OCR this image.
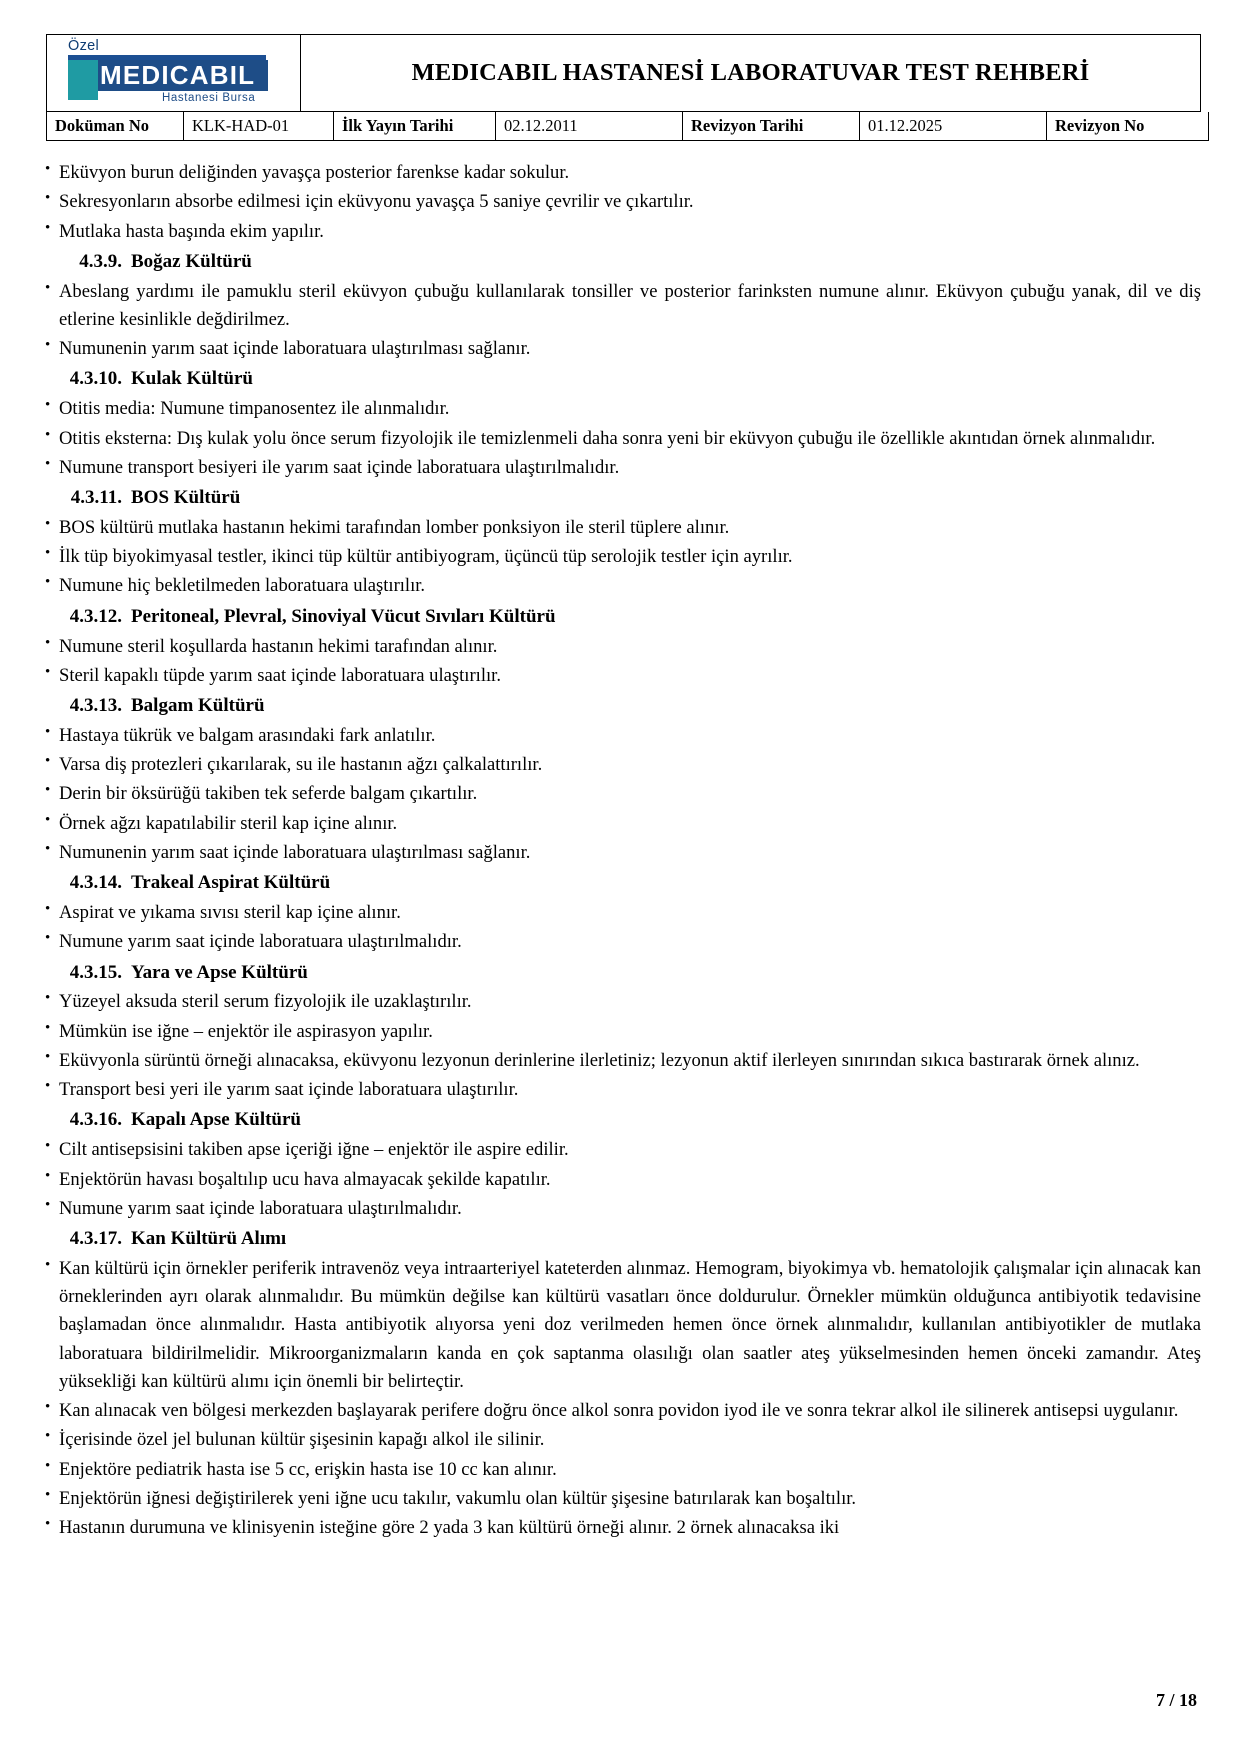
Özel
MEDICABIL
Hastanesi Bursa
	MEDICABIL HASTANESİ LABORATUVAR TEST REHBERİ
Doküman No	KLK-HAD-01	İlk Yayın Tarihi	02.12.2011	Revizyon Tarihi	01.12.2025	Revizyon No	
• Eküvyon burun deliğinden yavaşça posterior farenkse kadar sokulur.
• Sekresyonların absorbe edilmesi için eküvyonu yavaşça 5 saniye çevrilir ve çıkartılır.
• Mutlaka hasta başında ekim yapılır.
4.3.9. Boğaz Kültürü
• Abeslang yardımı ile pamuklu steril eküvyon çubuğu kullanılarak tonsiller ve posterior farinksten numune alınır. Eküvyon çubuğu yanak, dil ve diş etlerine kesinlikle değdirilmez.
• Numunenin yarım saat içinde laboratuara ulaştırılması sağlanır.
4.3.10. Kulak Kültürü
• Otitis media: Numune timpanosentez ile alınmalıdır.
• Otitis eksterna: Dış kulak yolu önce serum fizyolojik ile temizlenmeli daha sonra yeni bir eküvyon çubuğu ile özellikle akıntıdan örnek alınmalıdır.
• Numune transport besiyeri ile yarım saat içinde laboratuara ulaştırılmalıdır.
4.3.11. BOS Kültürü
• BOS kültürü mutlaka hastanın hekimi tarafından lomber ponksiyon ile steril tüplere alınır.
• İlk tüp biyokimyasal testler, ikinci tüp kültür antibiyogram, üçüncü tüp serolojik testler için ayrılır.
• Numune hiç bekletilmeden laboratuara ulaştırılır.
4.3.12. Peritoneal, Plevral, Sinoviyal Vücut Sıvıları Kültürü
• Numune steril koşullarda hastanın hekimi tarafından alınır.
• Steril kapaklı tüpde yarım saat içinde laboratuara ulaştırılır.
4.3.13. Balgam Kültürü
• Hastaya tükrük ve balgam arasındaki fark anlatılır.
• Varsa diş protezleri çıkarılarak, su ile hastanın ağzı çalkalattırılır.
• Derin bir öksürüğü takiben tek seferde balgam çıkartılır.
• Örnek ağzı kapatılabilir steril kap içine alınır.
• Numunenin yarım saat içinde laboratuara ulaştırılması sağlanır.
4.3.14. Trakeal Aspirat Kültürü
• Aspirat ve yıkama sıvısı steril kap içine alınır.
• Numune yarım saat içinde laboratuara ulaştırılmalıdır.
4.3.15. Yara ve Apse Kültürü
• Yüzeyel aksuda steril serum fizyolojik ile uzaklaştırılır.
• Mümkün ise iğne – enjektör ile aspirasyon yapılır.
• Eküvyonla sürüntü örneği alınacaksa, eküvyonu lezyonun derinlerine ilerletiniz; lezyonun aktif ilerleyen sınırından sıkıca bastırarak örnek alınız.
• Transport besi yeri ile yarım saat içinde laboratuara ulaştırılır.
4.3.16. Kapalı Apse Kültürü
• Cilt antisepsisini takiben apse içeriği iğne – enjektör ile aspire edilir.
• Enjektörün havası boşaltılıp ucu hava almayacak şekilde kapatılır.
• Numune yarım saat içinde laboratuara ulaştırılmalıdır.
4.3.17. Kan Kültürü Alımı
• Kan kültürü için örnekler periferik intravenöz veya intraarteriyel kateterden alınmaz. Hemogram, biyokimya vb. hematolojik çalışmalar için alınacak kan örneklerinden ayrı olarak alınmalıdır. Bu mümkün değilse kan kültürü vasatları önce doldurulur. Örnekler mümkün olduğunca antibiyotik tedavisine başlamadan önce alınmalıdır. Hasta antibiyotik alıyorsa yeni doz verilmeden hemen önce örnek alınmalıdır, kullanılan antibiyotikler de mutlaka laboratuara bildirilmelidir. Mikroorganizmaların kanda en çok saptanma olasılığı olan saatler ateş yükselmesinden hemen önceki zamandır. Ateş yüksekliği kan kültürü alımı için önemli bir belirteçtir.
• Kan alınacak ven bölgesi merkezden başlayarak perifere doğru önce alkol sonra povidon iyod ile ve sonra tekrar alkol ile silinerek antisepsi uygulanır.
• İçerisinde özel jel bulunan kültür şişesinin kapağı alkol ile silinir.
• Enjektöre pediatrik hasta ise 5 cc, erişkin hasta ise 10 cc kan alınır.
• Enjektörün iğnesi değiştirilerek yeni iğne ucu takılır, vakumlu olan kültür şişesine batırılarak kan boşaltılır.
• Hastanın durumuna ve klinisyenin isteğine göre 2 yada 3 kan kültürü örneği alınır. 2 örnek alınacaksa iki
7 / 18
